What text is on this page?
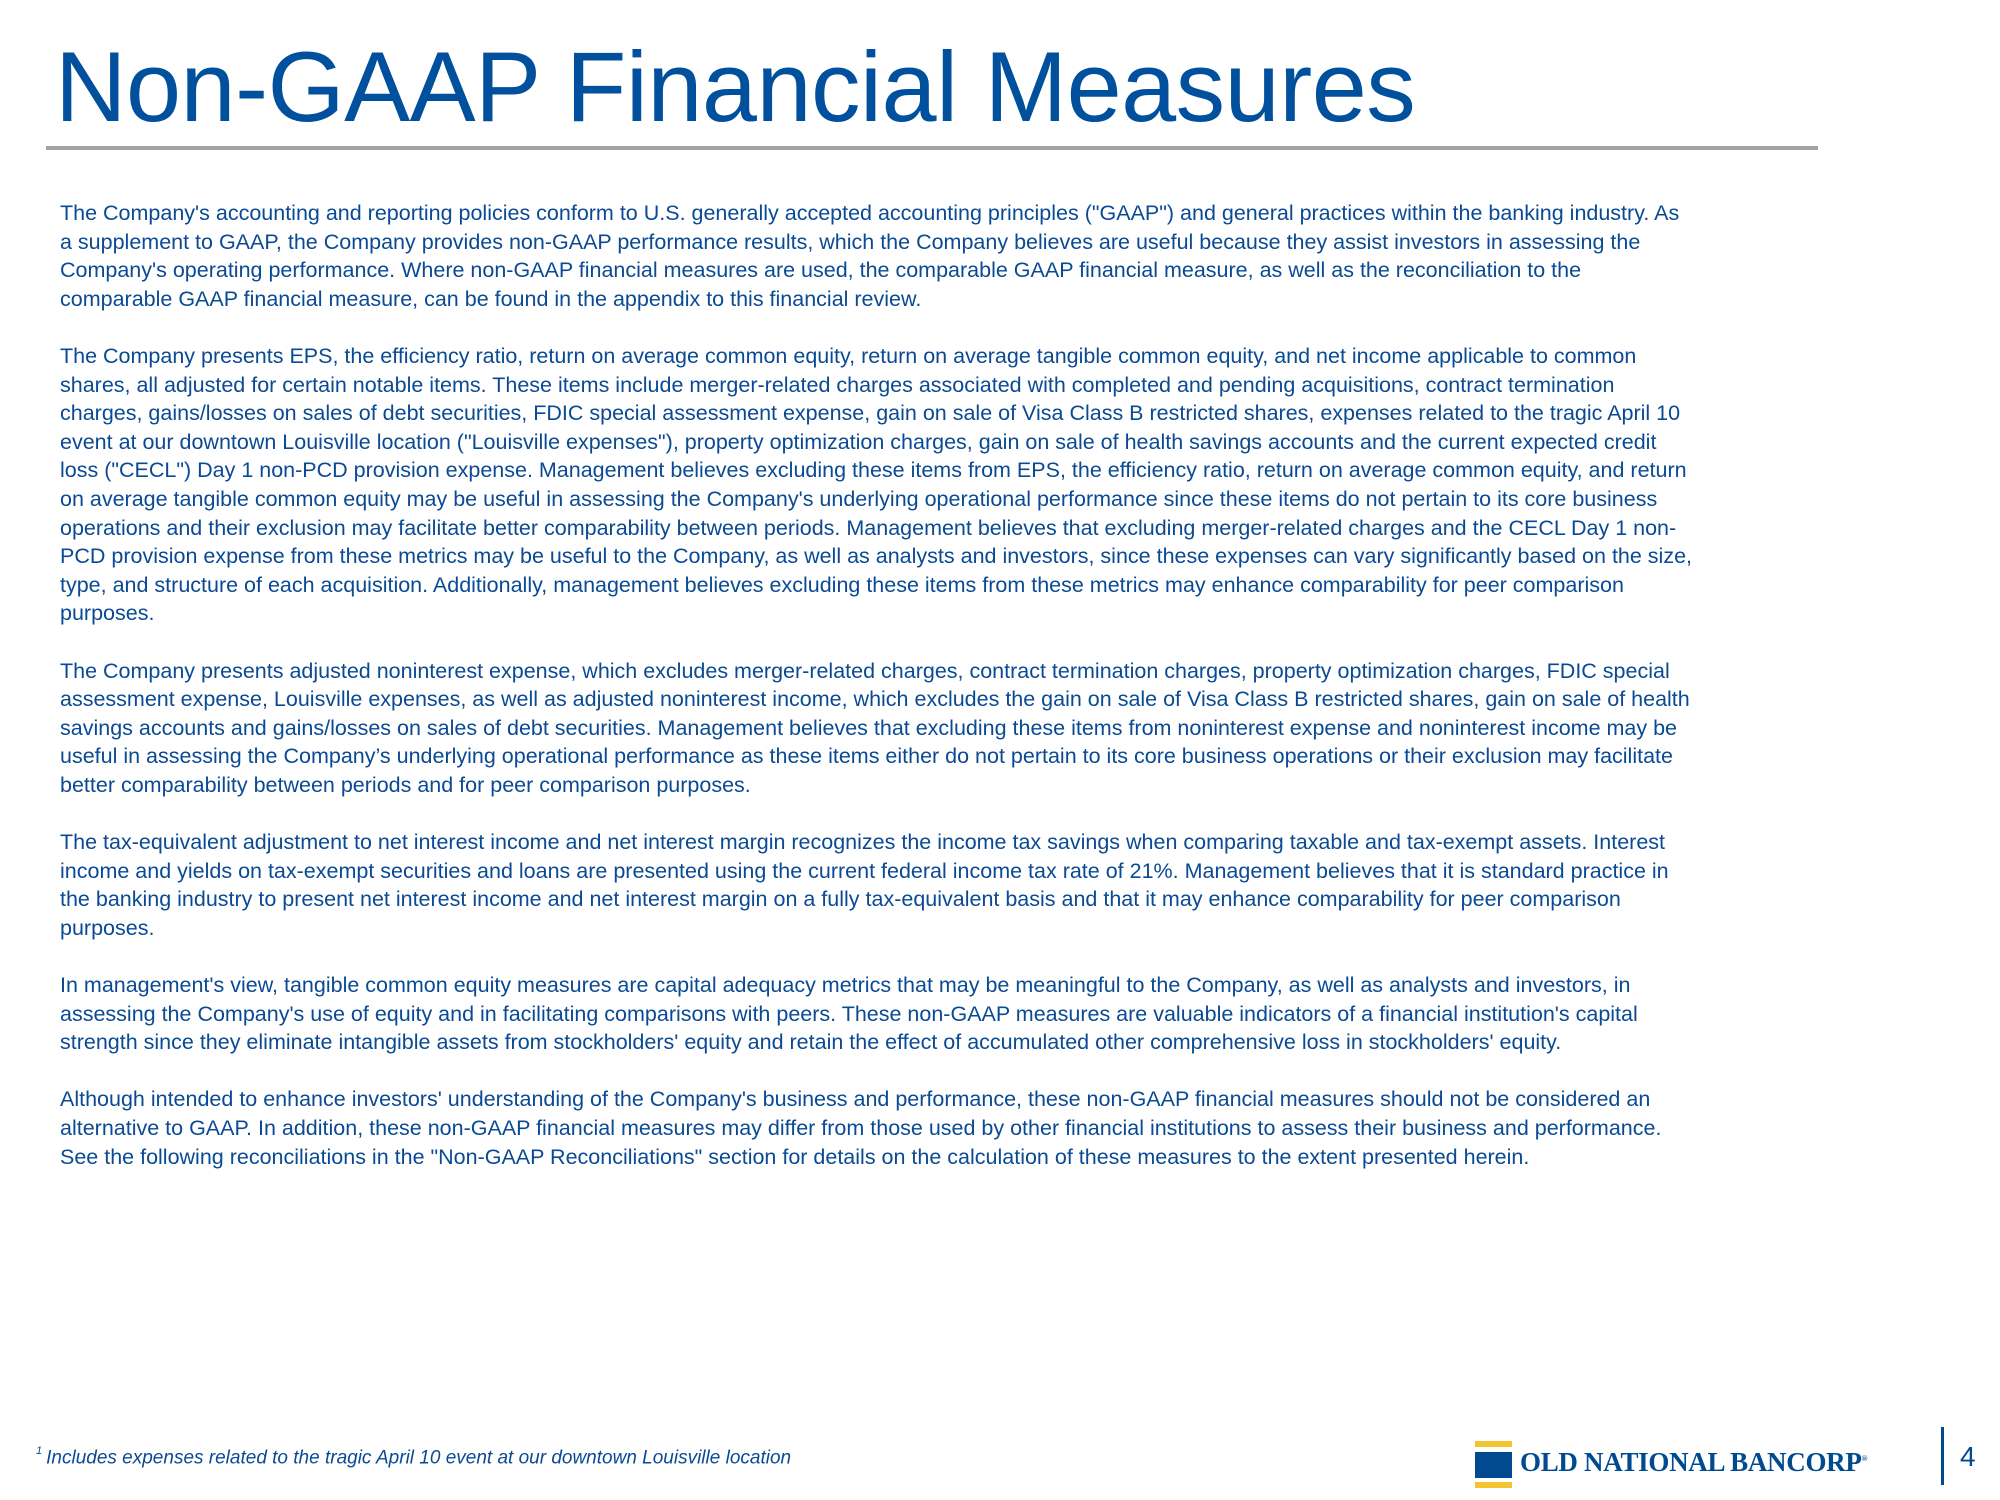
Non-GAAP Financial Measures
The Company's accounting and reporting policies conform to U.S. generally accepted accounting principles ("GAAP") and general practices within the banking industry. As
a supplement to GAAP, the Company provides non-GAAP performance results, which the Company believes are useful because they assist investors in assessing the
Company's operating performance. Where non-GAAP financial measures are used, the comparable GAAP financial measure, as well as the reconciliation to the
comparable GAAP financial measure, can be found in the appendix to this financial review.
The Company presents EPS, the efficiency ratio, return on average common equity, return on average tangible common equity, and net income applicable to common
shares, all adjusted for certain notable items. These items include merger-related charges associated with completed and pending acquisitions, contract termination
charges, gains/losses on sales of debt securities, FDIC special assessment expense, gain on sale of Visa Class B restricted shares, expenses related to the tragic April 10
event at our downtown Louisville location ("Louisville expenses"), property optimization charges, gain on sale of health savings accounts and the current expected credit
loss ("CECL") Day 1 non-PCD provision expense. Management believes excluding these items from EPS, the efficiency ratio, return on average common equity, and return
on average tangible common equity may be useful in assessing the Company's underlying operational performance since these items do not pertain to its core business
operations and their exclusion may facilitate better comparability between periods. Management believes that excluding merger-related charges and the CECL Day 1 non-
PCD provision expense from these metrics may be useful to the Company, as well as analysts and investors, since these expenses can vary significantly based on the size,
type, and structure of each acquisition. Additionally, management believes excluding these items from these metrics may enhance comparability for peer comparison
purposes.
The Company presents adjusted noninterest expense, which excludes merger-related charges, contract termination charges, property optimization charges, FDIC special
assessment expense, Louisville expenses, as well as adjusted noninterest income, which excludes the gain on sale of Visa Class B restricted shares, gain on sale of health
savings accounts and gains/losses on sales of debt securities. Management believes that excluding these items from noninterest expense and noninterest income may be
useful in assessing the Company’s underlying operational performance as these items either do not pertain to its core business operations or their exclusion may facilitate
better comparability between periods and for peer comparison purposes.
The tax-equivalent adjustment to net interest income and net interest margin recognizes the income tax savings when comparing taxable and tax-exempt assets. Interest
income and yields on tax-exempt securities and loans are presented using the current federal income tax rate of 21%. Management believes that it is standard practice in
the banking industry to present net interest income and net interest margin on a fully tax-equivalent basis and that it may enhance comparability for peer comparison
purposes.
In management's view, tangible common equity measures are capital adequacy metrics that may be meaningful to the Company, as well as analysts and investors, in
assessing the Company's use of equity and in facilitating comparisons with peers. These non-GAAP measures are valuable indicators of a financial institution's capital
strength since they eliminate intangible assets from stockholders' equity and retain the effect of accumulated other comprehensive loss in stockholders' equity.
Although intended to enhance investors' understanding of the Company's business and performance, these non-GAAP financial measures should not be considered an
alternative to GAAP. In addition, these non-GAAP financial measures may differ from those used by other financial institutions to assess their business and performance.
See the following reconciliations in the "Non-GAAP Reconciliations" section for details on the calculation of these measures to the extent presented herein.
$^1$ Includes expenses related to the tragic April 10 event at our downtown Louisville location	OLD NATIONAL BANCORP®	4
